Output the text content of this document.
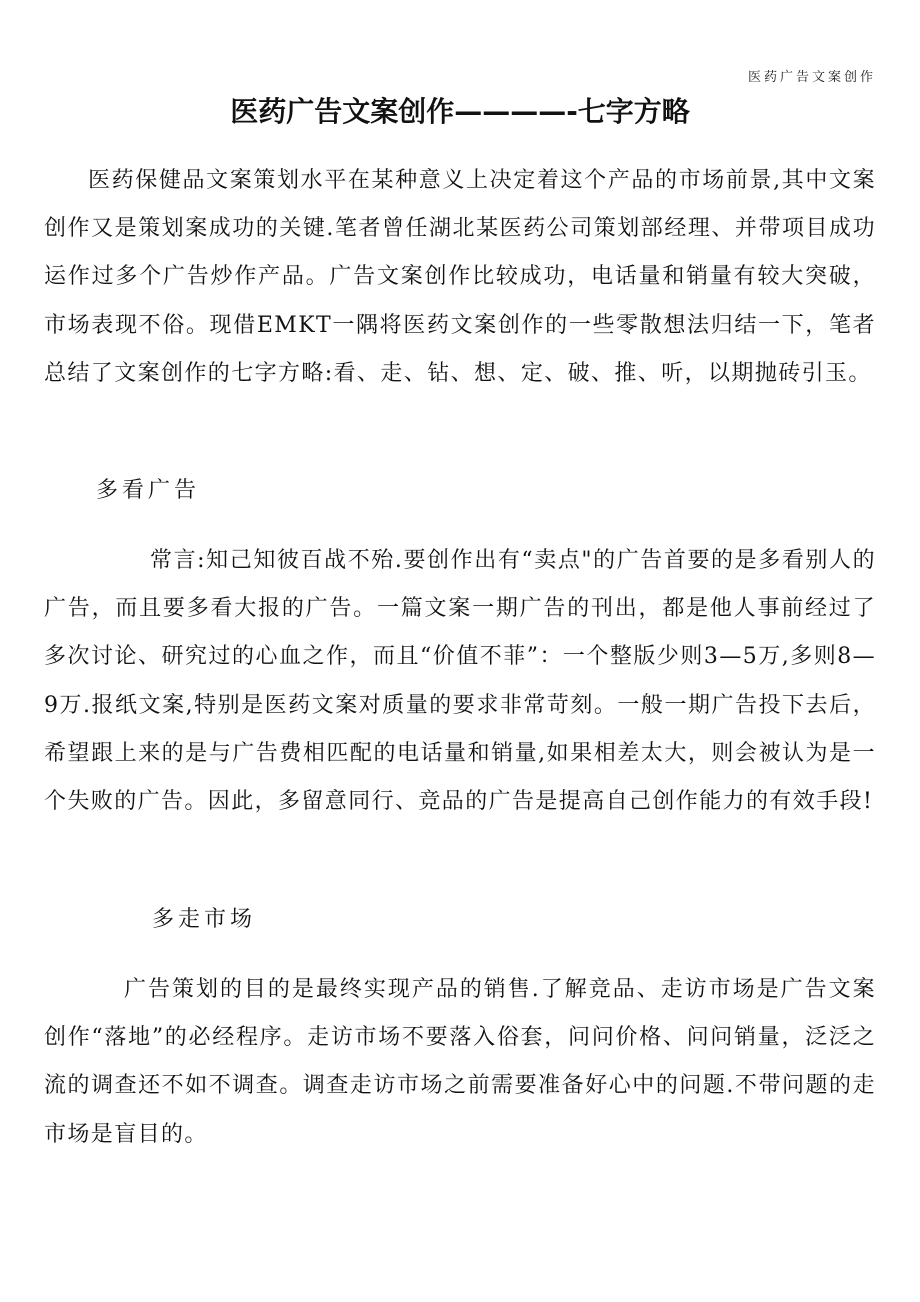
医药广告文案创作
医药广告文案创作————-七字方略

医药保健品文案策划水平在某种意义上决定着这个产品的市场前景,其中文案创作又是策划案成功的关键.笔者曾任湖北某医药公司策划部经理、并带项目成功运作过多个广告炒作产品。广告文案创作比较成功，电话量和销量有较大突破，市场表现不俗。现借EMKT一隅将医药文案创作的一些零散想法归结一下，笔者总结了文案创作的七字方略:看、走、钻、想、定、破、推、听，以期抛砖引玉。

多看广告

常言:知己知彼百战不殆.要创作出有“卖点"的广告首要的是多看别人的广告，而且要多看大报的广告。一篇文案一期广告的刊出，都是他人事前经过了多次讨论、研究过的心血之作，而且“价值不菲”：一个整版少则3—5万,多则8—9万.报纸文案,特别是医药文案对质量的要求非常苛刻。一般一期广告投下去后，希望跟上来的是与广告费相匹配的电话量和销量,如果相差太大，则会被认为是一个失败的广告。因此，多留意同行、竞品的广告是提高自己创作能力的有效手段!

多走市场

广告策划的目的是最终实现产品的销售.了解竞品、走访市场是广告文案创作“落地”的必经程序。走访市场不要落入俗套，问问价格、问问销量，泛泛之流的调查还不如不调查。调查走访市场之前需要准备好心中的问题.不带问题的走市场是盲目的。
